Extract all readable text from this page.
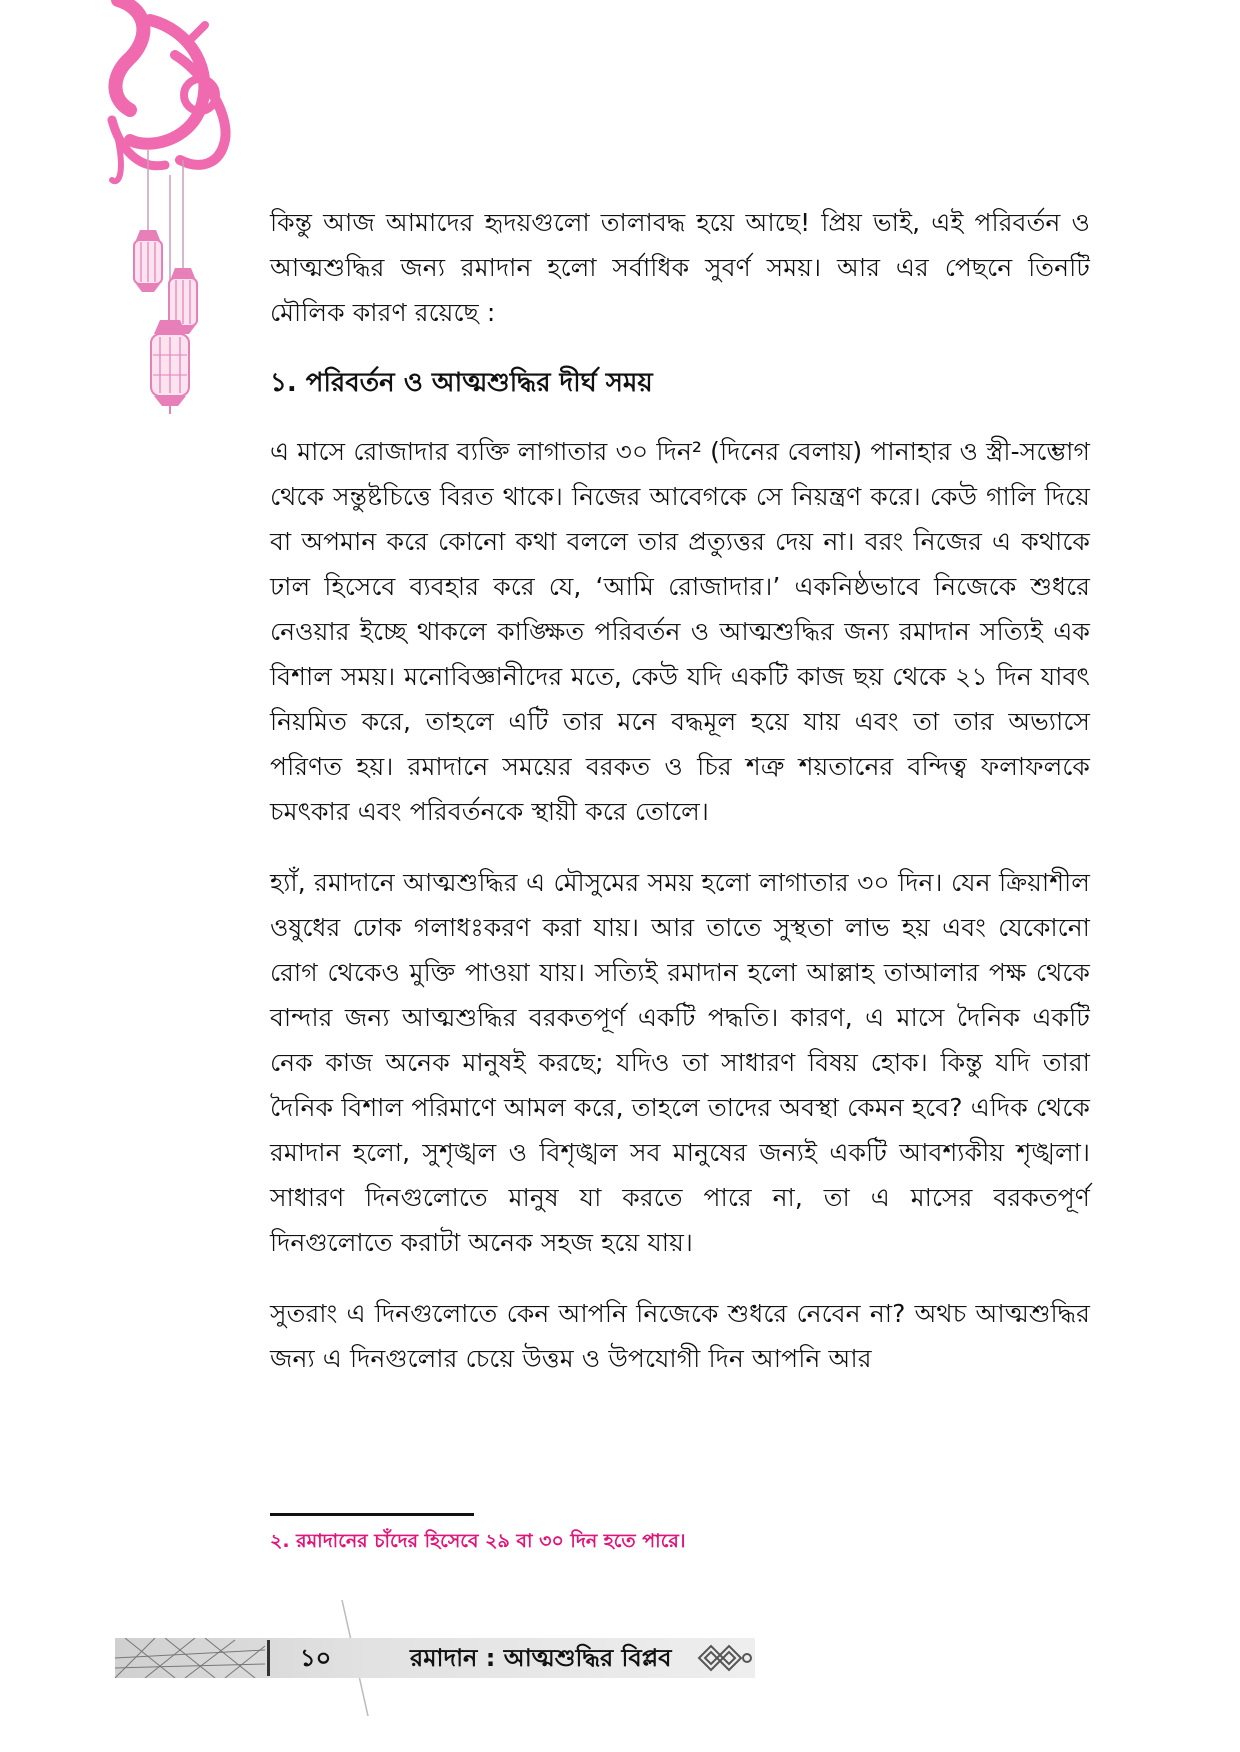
কিন্তু আজ আমাদের হৃদয়গুলো তালাবদ্ধ হয়ে আছে! প্রিয় ভাই, এই পরিবর্তন ও আত্মশুদ্ধির জন্য রমাদান হলো সর্বাধিক সুবর্ণ সময়। আর এর পেছনে তিনটি মৌলিক কারণ রয়েছে :

১. পরিবর্তন ও আত্মশুদ্ধির দীর্ঘ সময়

এ মাসে রোজাদার ব্যক্তি লাগাতার ৩০ দিন² (দিনের বেলায়) পানাহার ও স্ত্রী-সম্ভোগ থেকে সন্তুষ্টচিত্তে বিরত থাকে। নিজের আবেগকে সে নিয়ন্ত্রণ করে। কেউ গালি দিয়ে বা অপমান করে কোনো কথা বললে তার প্রত্যুত্তর দেয় না। বরং নিজের এ কথাকে ঢাল হিসেবে ব্যবহার করে যে, ‘আমি রোজাদার।’ একনিষ্ঠভাবে নিজেকে শুধরে নেওয়ার ইচ্ছে থাকলে কাঙ্ক্ষিত পরিবর্তন ও আত্মশুদ্ধির জন্য রমাদান সত্যিই এক বিশাল সময়। মনোবিজ্ঞানীদের মতে, কেউ যদি একটি কাজ ছয় থেকে ২১ দিন যাবৎ নিয়মিত করে, তাহলে এটি তার মনে বদ্ধমূল হয়ে যায় এবং তা তার অভ্যাসে পরিণত হয়। রমাদানে সময়ের বরকত ও চির শত্রু শয়তানের বন্দিত্ব ফলাফলকে চমৎকার এবং পরিবর্তনকে স্থায়ী করে তোলে।

হ্যাঁ, রমাদানে আত্মশুদ্ধির এ মৌসুমের সময় হলো লাগাতার ৩০ দিন। যেন ক্রিয়াশীল ওষুধের ঢোক গলাধঃকরণ করা যায়। আর তাতে সুস্থতা লাভ হয় এবং যেকোনো রোগ থেকেও মুক্তি পাওয়া যায়। সত্যিই রমাদান হলো আল্লাহ তাআলার পক্ষ থেকে বান্দার জন্য আত্মশুদ্ধির বরকতপূর্ণ একটি পদ্ধতি। কারণ, এ মাসে দৈনিক একটি নেক কাজ অনেক মানুষই করছে; যদিও তা সাধারণ বিষয় হোক। কিন্তু যদি তারা দৈনিক বিশাল পরিমাণে আমল করে, তাহলে তাদের অবস্থা কেমন হবে? এদিক থেকে রমাদান হলো, সুশৃঙ্খল ও বিশৃঙ্খল সব মানুষের জন্যই একটি আবশ্যকীয় শৃঙ্খলা। সাধারণ দিনগুলোতে মানুষ যা করতে পারে না, তা এ মাসের বরকতপূর্ণ দিনগুলোতে করাটা অনেক সহজ হয়ে যায়।

সুতরাং এ দিনগুলোতে কেন আপনি নিজেকে শুধরে নেবেন না? অথচ আত্মশুদ্ধির জন্য এ দিনগুলোর চেয়ে উত্তম ও উপযোগী দিন আপনি আর

২. রমাদানের চাঁদের হিসেবে ২৯ বা ৩০ দিন হতে পারে।
১০	রমাদান : আত্মশুদ্ধির বিপ্লব
